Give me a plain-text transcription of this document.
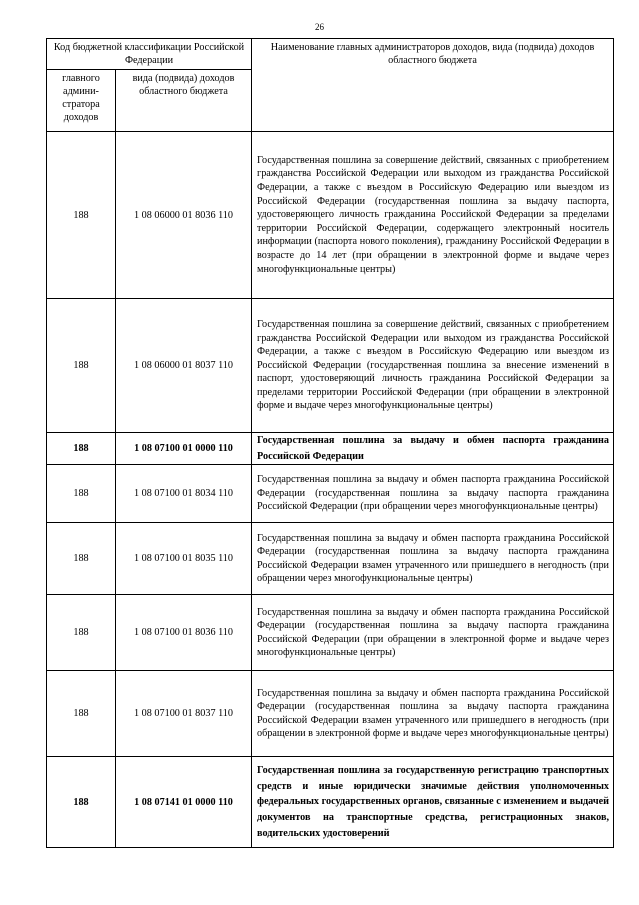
26
Код бюджетной классификации Российской Федерации		Наименование главных администраторов доходов, вида (подвида) доходов областного бюджета
главного админи-стратора доходов	вида (подвида) доходов областного бюджета	
188	1 08 06000 01 8036 110	Государственная пошлина за совершение действий, связанных с приобретением гражданства Российской Федерации или выходом из гражданства Российской Федерации, а также с въездом в Российскую Федерацию или выездом из Российской Федерации (государственная пошлина за выдачу паспорта, удостоверяющего личность гражданина Российской Федерации за пределами территории Российской Федерации, содержащего электронный носитель информации (паспорта нового поколения), гражданину Российской Федерации в возрасте до 14 лет (при обращении в электронной форме и выдаче через многофункциональные центры)
188	1 08 06000 01 8037 110	Государственная пошлина за совершение действий, связанных с приобретением гражданства Российской Федерации или выходом из гражданства Российской Федерации, а также с въездом в Российскую Федерацию или выездом из Российской Федерации (государственная пошлина за внесение изменений в паспорт, удостоверяющий личность гражданина Российской Федерации за пределами территории Российской Федерации (при обращении в электронной форме и выдаче через многофункциональные центры)
188	1 08 07100 01 0000 110	Государственная пошлина за выдачу и обмен паспорта гражданина Российской Федерации
188	1 08 07100 01 8034 110	Государственная пошлина за выдачу и обмен паспорта гражданина Российской Федерации (государственная пошлина за выдачу паспорта гражданина Российской Федерации (при обращении через многофункциональные центры)
188	1 08 07100 01 8035 110	Государственная пошлина за выдачу и обмен паспорта гражданина Российской Федерации (государственная пошлина за выдачу паспорта гражданина Российской Федерации взамен утраченного или пришедшего в негодность (при обращении через многофункциональные центры)
188	1 08 07100 01 8036 110	Государственная пошлина за выдачу и обмен паспорта гражданина Российской Федерации (государственная пошлина за выдачу паспорта гражданина Российской Федерации (при обращении в электронной форме и выдаче через многофункциональные центры)
188	1 08 07100 01 8037 110	Государственная пошлина за выдачу и обмен паспорта гражданина Российской Федерации (государственная пошлина за выдачу паспорта гражданина Российской Федерации взамен утраченного или пришедшего в негодность (при обращении в электронной форме и выдаче через многофункциональные центры)
188	1 08 07141 01 0000 110	Государственная пошлина за государственную регистрацию транспортных средств и иные юридически значимые действия уполномоченных федеральных государственных органов, связанные с изменением и выдачей документов на транспортные средства, регистрационных знаков, водительских удостоверений
